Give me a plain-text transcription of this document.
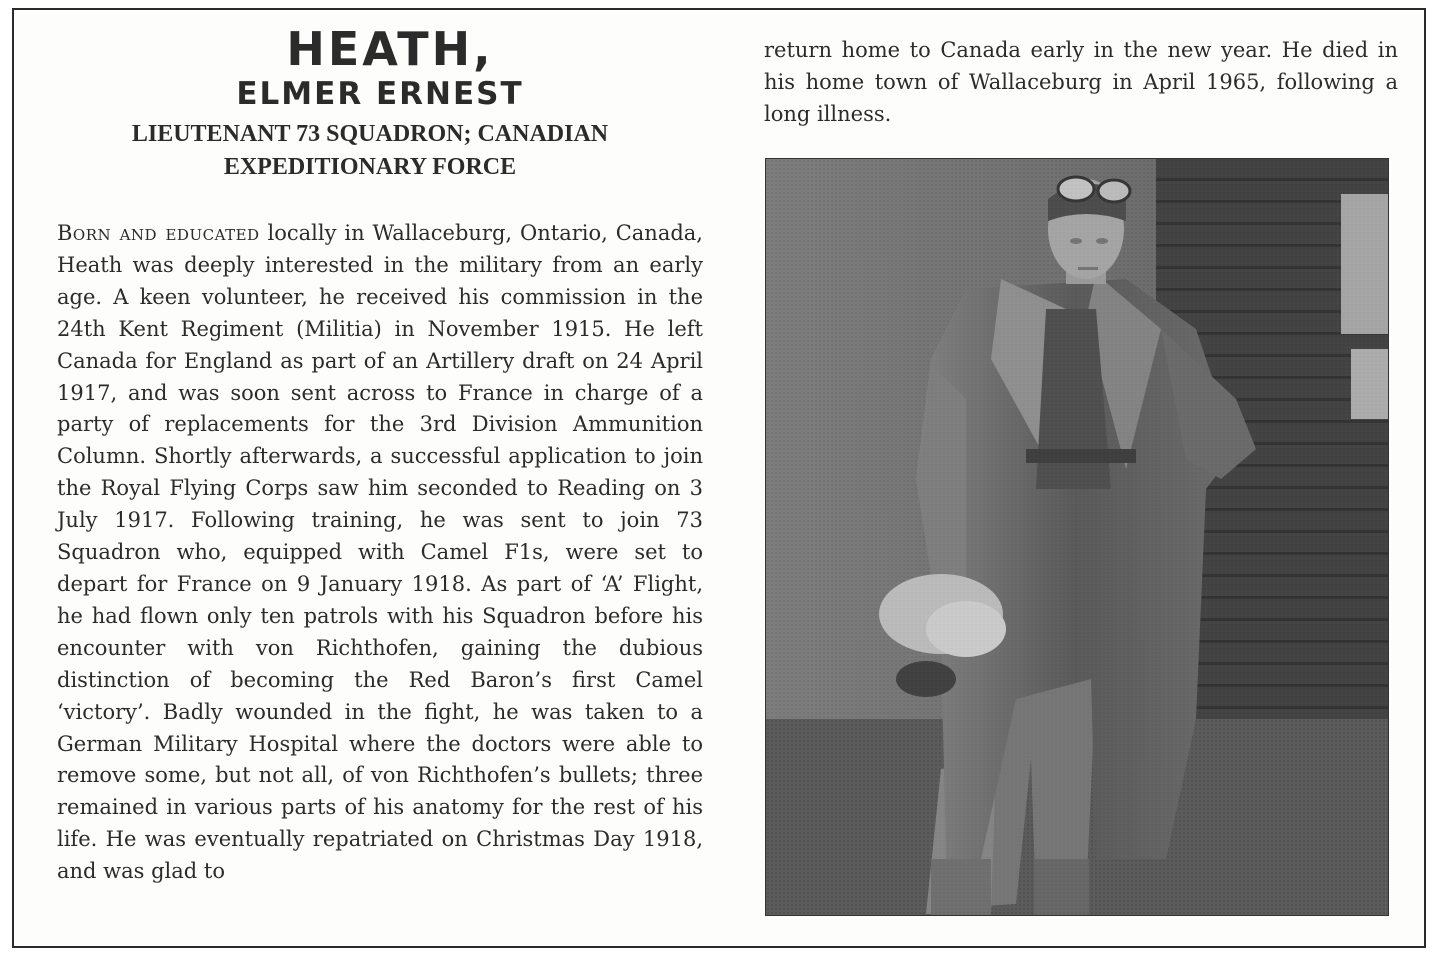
HEATH,
ELMER ERNEST
LIEUTENANT 73 SQUADRON; CANADIAN EXPEDITIONARY FORCE

Born and educated locally in Wallaceburg, Ontario, Canada, Heath was deeply interested in the military from an early age. A keen volunteer, he received his commission in the 24th Kent Regiment (Militia) in November 1915. He left Canada for England as part of an Artillery draft on 24 April 1917, and was soon sent across to France in charge of a party of replacements for the 3rd Division Ammunition Column. Shortly afterwards, a successful application to join the Royal Flying Corps saw him seconded to Reading on 3 July 1917. Following training, he was sent to join 73 Squadron who, equipped with Camel F1s, were set to depart for France on 9 January 1918. As part of ‘A’ Flight, he had flown only ten patrols with his Squadron before his encounter with von Richthofen, gaining the dubious distinction of becoming the Red Baron’s first Camel ‘victory’. Badly wounded in the fight, he was taken to a German Military Hospital where the doctors were able to remove some, but not all, of von Richthofen’s bullets; three remained in various parts of his anatomy for the rest of his life. He was eventually repatriated on Christmas Day 1918, and was glad to

return home to Canada early in the new year. He died in his home town of Wallaceburg in April 1965, following a long illness.
